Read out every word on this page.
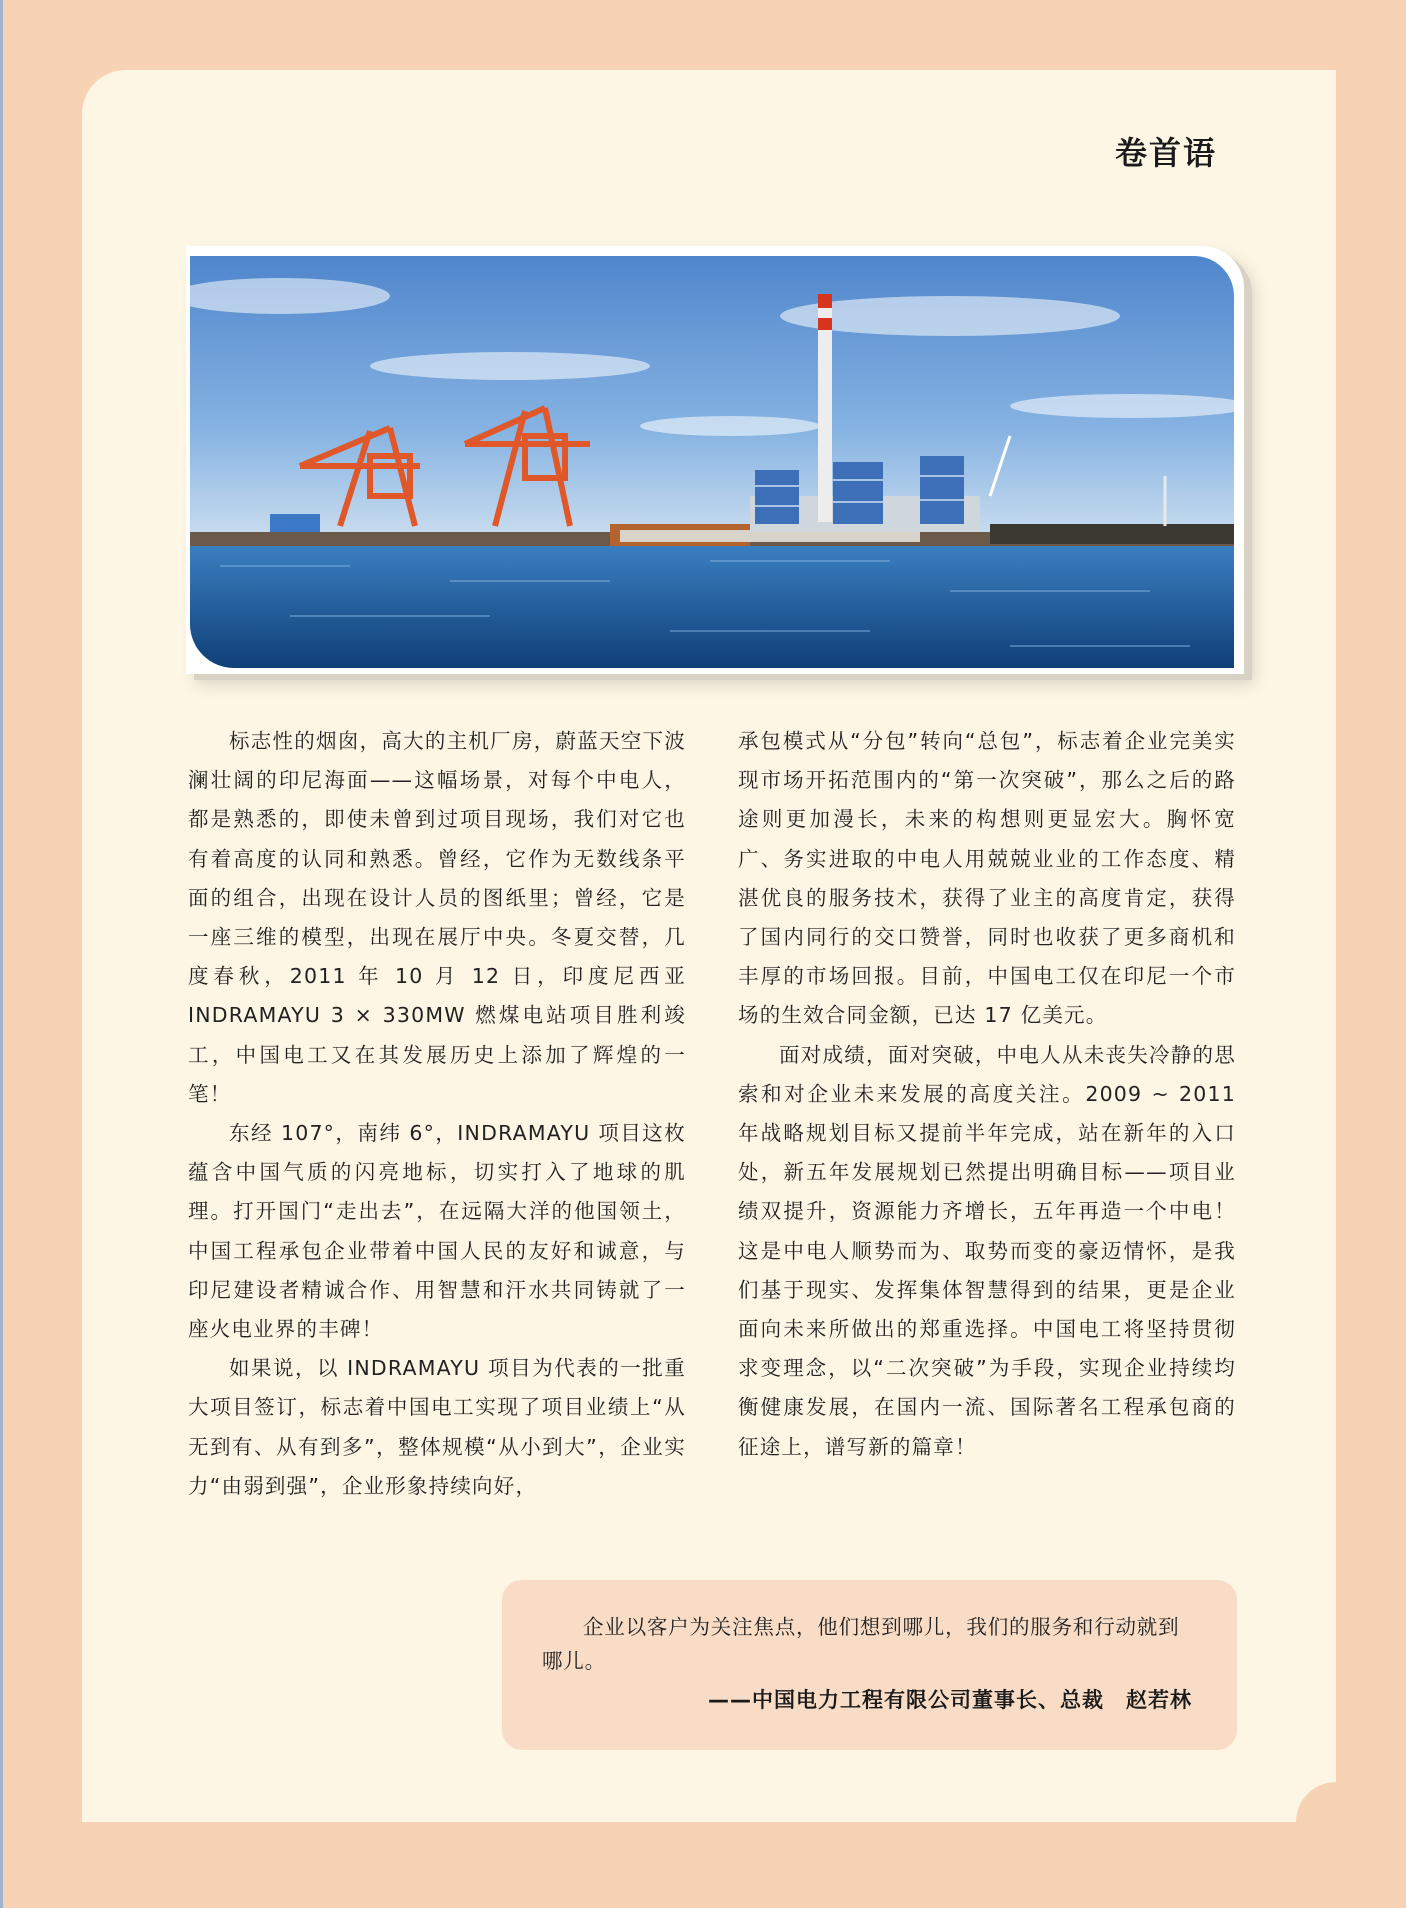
卷首语

标志性的烟囱，高大的主机厂房，蔚蓝天空下波澜壮阔的印尼海面——这幅场景，对每个中电人，都是熟悉的，即使未曾到过项目现场，我们对它也有着高度的认同和熟悉。曾经，它作为无数线条平面的组合，出现在设计人员的图纸里；曾经，它是一座三维的模型，出现在展厅中央。冬夏交替，几度春秋，2011 年 10 月 12 日，印度尼西亚 INDRAMAYU 3 × 330MW 燃煤电站项目胜利竣工，中国电工又在其发展历史上添加了辉煌的一笔！

东经 107°，南纬 6°，INDRAMAYU 项目这枚蕴含中国气质的闪亮地标，切实打入了地球的肌理。打开国门“走出去”，在远隔大洋的他国领土，中国工程承包企业带着中国人民的友好和诚意，与印尼建设者精诚合作、用智慧和汗水共同铸就了一座火电业界的丰碑！

如果说，以 INDRAMAYU 项目为代表的一批重大项目签订，标志着中国电工实现了项目业绩上“从无到有、从有到多”，整体规模“从小到大”，企业实力“由弱到强”，企业形象持续向好，

承包模式从“分包”转向“总包”，标志着企业完美实现市场开拓范围内的“第一次突破”，那么之后的路途则更加漫长，未来的构想则更显宏大。胸怀宽广、务实进取的中电人用兢兢业业的工作态度、精湛优良的服务技术，获得了业主的高度肯定，获得了国内同行的交口赞誉，同时也收获了更多商机和丰厚的市场回报。目前，中国电工仅在印尼一个市场的生效合同金额，已达 17 亿美元。

面对成绩，面对突破，中电人从未丧失冷静的思索和对企业未来发展的高度关注。2009 ~ 2011 年战略规划目标又提前半年完成，站在新年的入口处，新五年发展规划已然提出明确目标——项目业绩双提升，资源能力齐增长，五年再造一个中电！这是中电人顺势而为、取势而变的豪迈情怀，是我们基于现实、发挥集体智慧得到的结果，更是企业面向未来所做出的郑重选择。中国电工将坚持贯彻求变理念，以“二次突破”为手段，实现企业持续均衡健康发展，在国内一流、国际著名工程承包商的征途上，谱写新的篇章！

企业以客户为关注焦点，他们想到哪儿，我们的服务和行动就到哪儿。

——中国电力工程有限公司董事长、总裁　赵若林
